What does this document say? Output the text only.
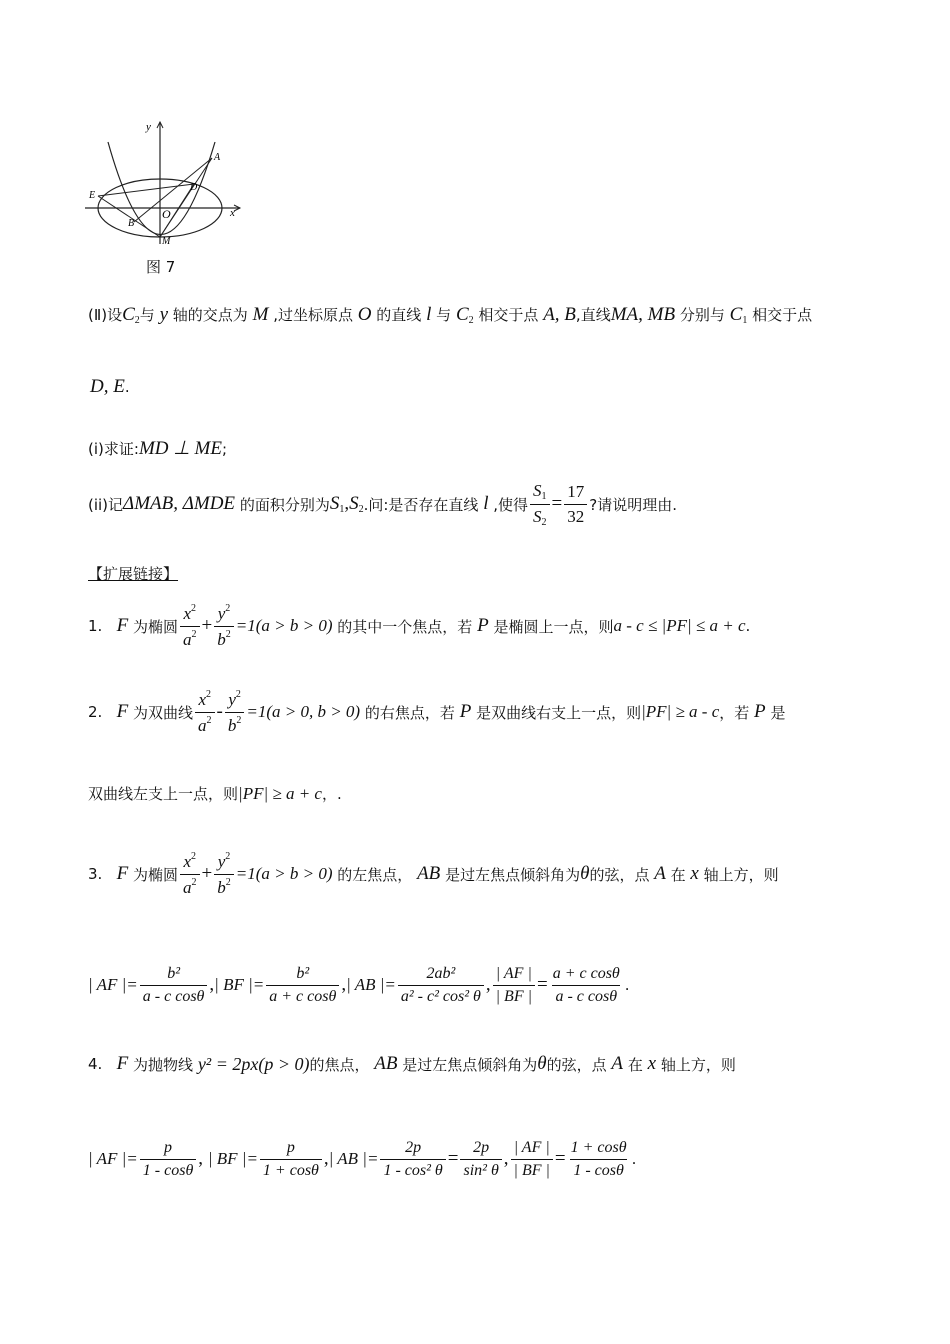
y
x
A
D
E
B
O
M
图 7
(Ⅱ)设$C_2$与 y 轴的交点为 M ,过坐标原点 O 的直线 l 与 $C_2$ 相交于点 A, B,直线MA, MB 分别与 $C_1$ 相交于点
D, E.
(i)求证:MD ⊥ ME;
(ii)记 ΔMAB, ΔMDE
的面积分别为 $S_1$ , $S_2$ .问:是否存在直线
l
,使得 $\frac{S_1}{S_2} = \frac{17}{32}$ ?请说明理由.
【扩展链接】
1.
F
为椭圆 $\frac{x^2}{a^2} + \frac{y^2}{b^2} =1(a > b > 0)$
的其中一个焦点，若
P
是椭圆上一点，则 a - c ≤ |PF| ≤ a + c .
2.
F
为双曲线 $\frac{x^2}{a^2} - \frac{y^2}{b^2} =1(a > 0$, b > 0)
的右焦点，若
P
是双曲线右支上一点，则 |PF| ≥ a - c ，若
P
是
双曲线左支上一点，则|PF| ≥ a + c，.
3.
F
为椭圆 $\frac{x^2}{a^2} + \frac{y^2}{b^2} =1(a > b > 0)$
的左焦点，
AB
是过左焦点倾斜角为 θ 的弦，点
A
在
x
轴上方，则
| AF |= $\frac{\text{b²}}{\text{a - c cosθ}}$ , | BF |= $\frac{\text{b²}}{\text{a + c cosθ}}$ , | AB |= $\frac{\text{2ab²}}{\text{a² - c² cos² θ}}$ , $\frac{| AF |}{| BF |} = \frac{\text{a + c cosθ}}{\text{a - c cosθ}}$ .
4.
F
为抛物线
y² = 2px(p > 0) 的焦点，
AB
是过左焦点倾斜角为 θ 的弦，点
A
在
x
轴上方，则
| AF |= $\frac{p}{1 - \cos\theta}$ ,
| BF |= $\frac{p}{1 + \cos\theta}$ , | AB |= $\frac{2p}{\text{1 - cos² θ}} = \frac{2p}{\text{sin² θ}}$ , $\frac{| AF |}{| BF |} = \frac{1 + \cos\theta}{1 - \cos\theta}$ .
